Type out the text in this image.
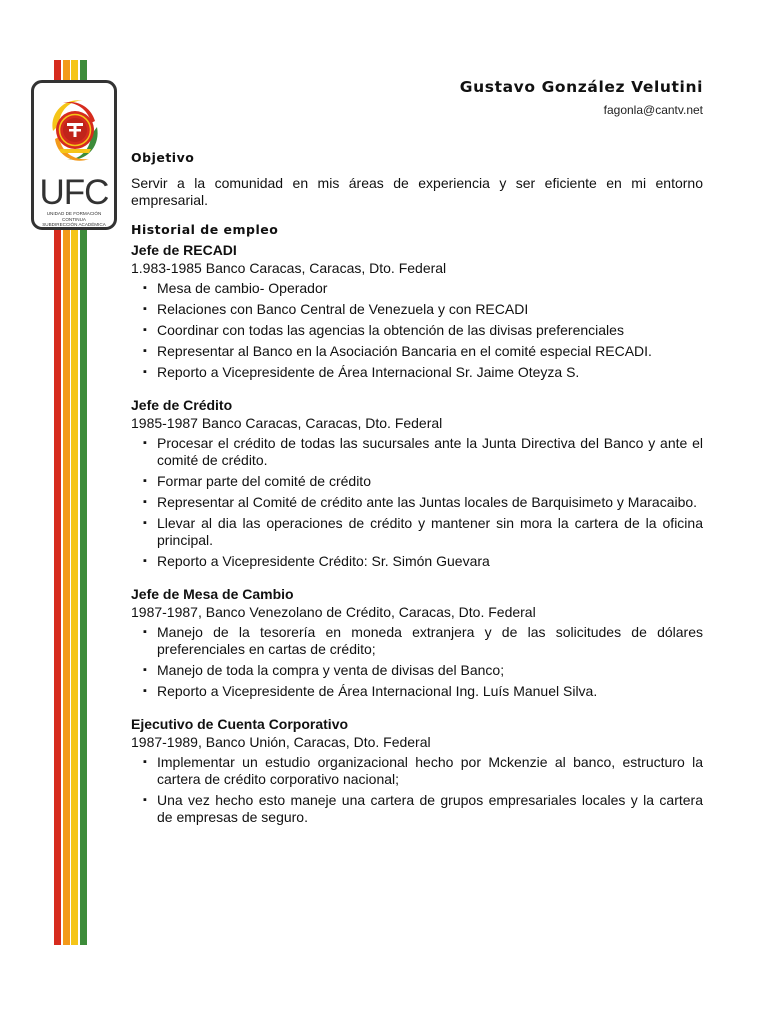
UFC
UNIDAD DE FORMACIÓN CONTINUA
SUBDIRECCIÓN ACADÉMICA
Gustavo González Velutini
fagonla@cantv.net
Objetivo

Servir a la comunidad en mis áreas de experiencia y ser eficiente en mi entorno empresarial.

Historial de empleo

Jefe de RECADI

1.983-1985 Banco Caracas, Caracas, Dto. Federal

▪ Mesa de cambio- Operador
▪ Relaciones con Banco Central de Venezuela y con RECADI
▪ Coordinar con todas las agencias la obtención de las divisas preferenciales
▪ Representar al Banco en la Asociación Bancaria en el comité especial RECADI.
▪ Reporto a Vicepresidente de Área Internacional Sr. Jaime Oteyza S.

Jefe de Crédito

1985-1987 Banco Caracas, Caracas, Dto. Federal

▪ Procesar el crédito de todas las sucursales ante la Junta Directiva del Banco y ante el comité de crédito.
▪ Formar parte del comité de crédito
▪ Representar al Comité de crédito ante las Juntas locales de Barquisimeto y Maracaibo.
▪ Llevar al dia las operaciones de crédito y mantener sin mora la cartera de la oficina principal.
▪ Reporto a Vicepresidente Crédito: Sr. Simón Guevara

Jefe de Mesa de Cambio

1987-1987, Banco Venezolano de Crédito, Caracas, Dto. Federal

▪ Manejo de la tesorería en moneda extranjera y de las solicitudes de dólares preferenciales en cartas de crédito;
▪ Manejo de toda la compra y venta de divisas del Banco;
▪ Reporto a Vicepresidente de Área Internacional Ing. Luís Manuel Silva.

Ejecutivo de Cuenta Corporativo

1987-1989, Banco Unión, Caracas, Dto. Federal

▪ Implementar un estudio organizacional hecho por Mckenzie al banco, estructuro la cartera de crédito corporativo nacional;
▪ Una vez hecho esto maneje una cartera de grupos empresariales locales y la cartera de empresas de seguro.
